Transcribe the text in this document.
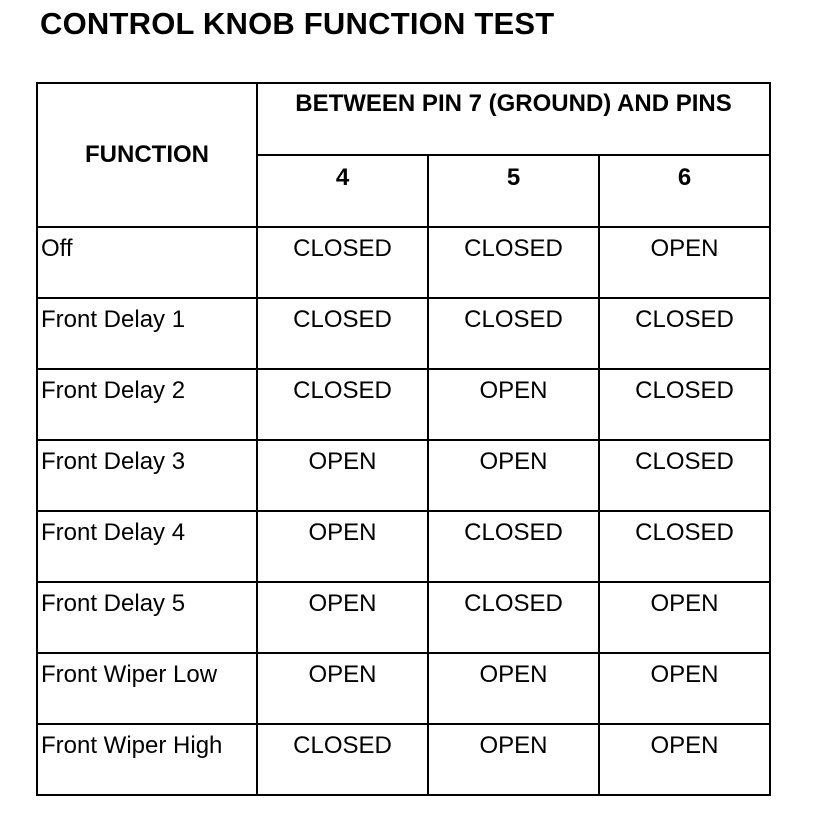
CONTROL KNOB FUNCTION TEST
FUNCTION	BETWEEN PIN 7 (GROUND) AND PINS		

	4	5	6

Off	CLOSED	CLOSED	OPEN

Front Delay 1	CLOSED	CLOSED	CLOSED

Front Delay 2	CLOSED	OPEN	CLOSED

Front Delay 3	OPEN	OPEN	CLOSED

Front Delay 4	OPEN	CLOSED	CLOSED

Front Delay 5	OPEN	CLOSED	OPEN

Front Wiper Low	OPEN	OPEN	OPEN

Front Wiper High	CLOSED	OPEN	OPEN
